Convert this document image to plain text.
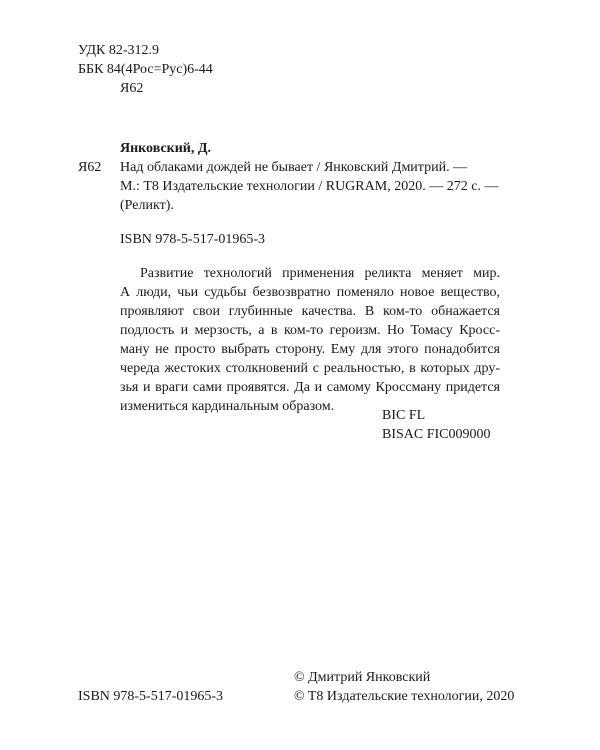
УДК 82-312.9
ББК 84(4Рос=Рус)6-44
Я62
Янковский, Д.
Я62 Над облаками дождей не бывает / Янковский Дмитрий. —
М.: T8 Издательские технологии / RUGRAM, 2020. — 272 с. —
(Реликт).
ISBN 978-5-517-01965-3
Развитие технологий применения реликта меняет мир.
А люди, чьи судьбы безвозвратно поменяло новое вещество,
проявляют свои глубинные качества. В ком-то обнажается
подлость и мерзость, а в ком-то героизм. Но Томасу Кросс-
ману не просто выбрать сторону. Ему для этого понадобится
череда жестоких столкновений с реальностью, в которых дру-
зья и враги сами проявятся. Да и самому Кроссману придется
измениться кардинальным образом.
BIC FL
BISAC FIC009000
ISBN 978-5-517-01965-3
© Дмитрий Янковский
© T8 Издательские технологии, 2020
